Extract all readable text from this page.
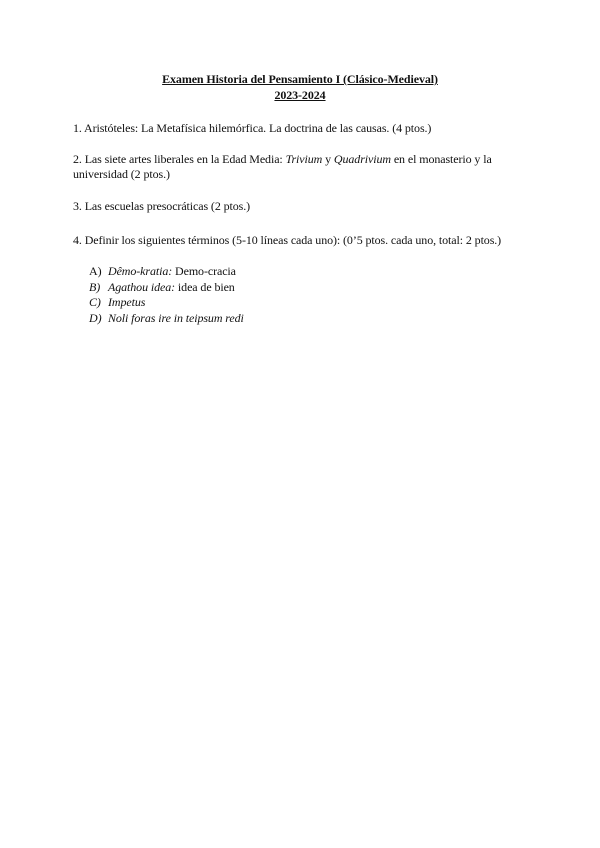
Examen Historia del Pensamiento I (Clásico-Medieval)
2023-2024
1. Aristóteles: La Metafísica hilemórfica. La doctrina de las causas. (4 ptos.)
2. Las siete artes liberales en la Edad Media: Trivium y Quadrivium en el monasterio y la universidad (2 ptos.)
3. Las escuelas presocráticas (2 ptos.)
4. Definir los siguientes términos (5-10 líneas cada uno): (0’5 ptos. cada uno, total: 2 ptos.)
A) Dêmo-kratia: Demo-cracia
B) Agathou idea: idea de bien
C) Impetus
D) Noli foras ire in teipsum redi
